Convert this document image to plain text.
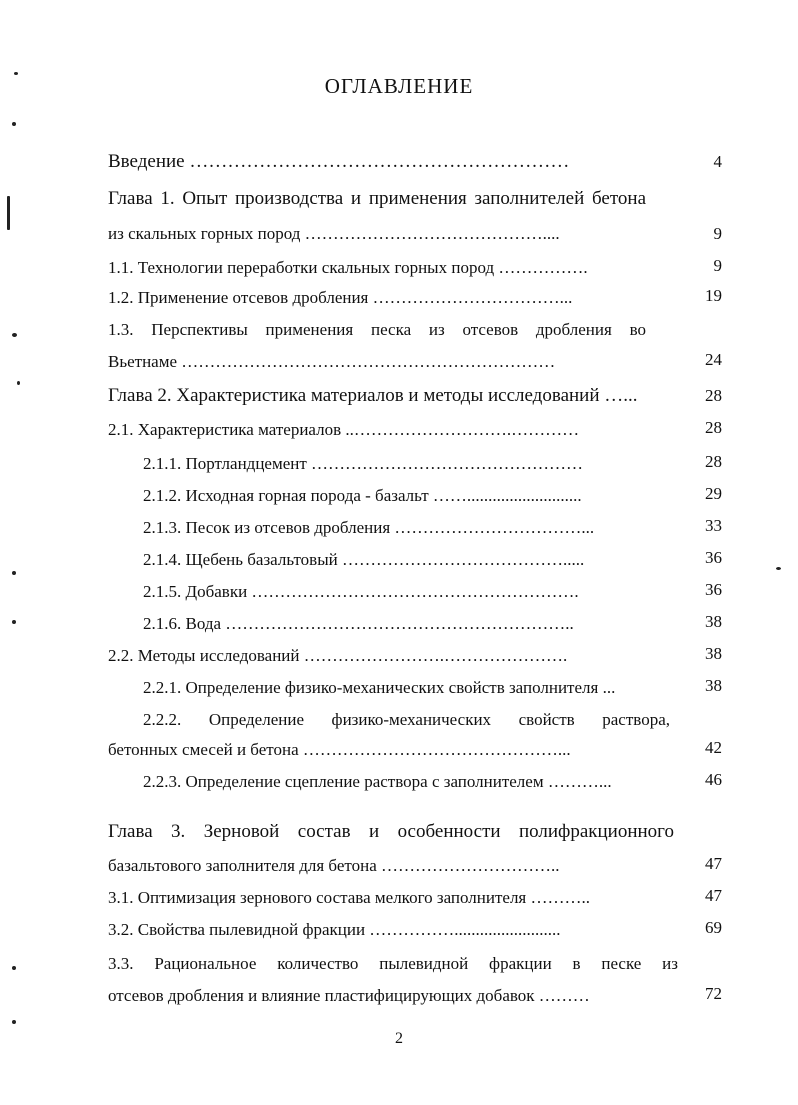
ОГЛАВЛЕНИЕ
Введение ……………………………………………………	4
Глава 1. Опыт производства и применения заполнителей бетона
из скальных горных пород ……………………………………....	9
1.1. Технологии переработки скальных горных пород …………….	9
1.2. Применение отсевов дробления ……………………………...	19
1.3. Перспективы применения песка из отсевов дробления во
Вьетнаме …………………………………………………………	24
Глава 2. Характеристика материалов и методы исследований …...	28
2.1. Характеристика материалов ..……………………….…………	28
2.1.1. Портландцемент …………………………………………	28
2.1.2. Исходная горная порода - базальт ……...........................	29
2.1.3. Песок из отсевов дробления ……………………………...	33
2.1.4. Щебень базальтовый ………………………………….....	36
2.1.5. Добавки ………………………………………………….	36
2.1.6. Вода ……………………………………………………..	38
2.2. Методы исследований …………………….………………….	38
2.2.1. Определение физико-механических свойств заполнителя ...	38
2.2.2. Определение физико-механических свойств раствора,
бетонных смесей и бетона ………………………………………...	42
2.2.3. Определение сцепление раствора с заполнителем ………...	46
Глава 3. Зерновой состав и особенности полифракционного
базальтового заполнителя для бетона …………………………..	47
3.1. Оптимизация зернового состава мелкого заполнителя ………..	47
3.2. Свойства пылевидной фракции …………….........................	69
3.3. Рациональное количество пылевидной фракции в песке из
отсевов дробления и влияние пластифицирующих добавок ………	72
2
